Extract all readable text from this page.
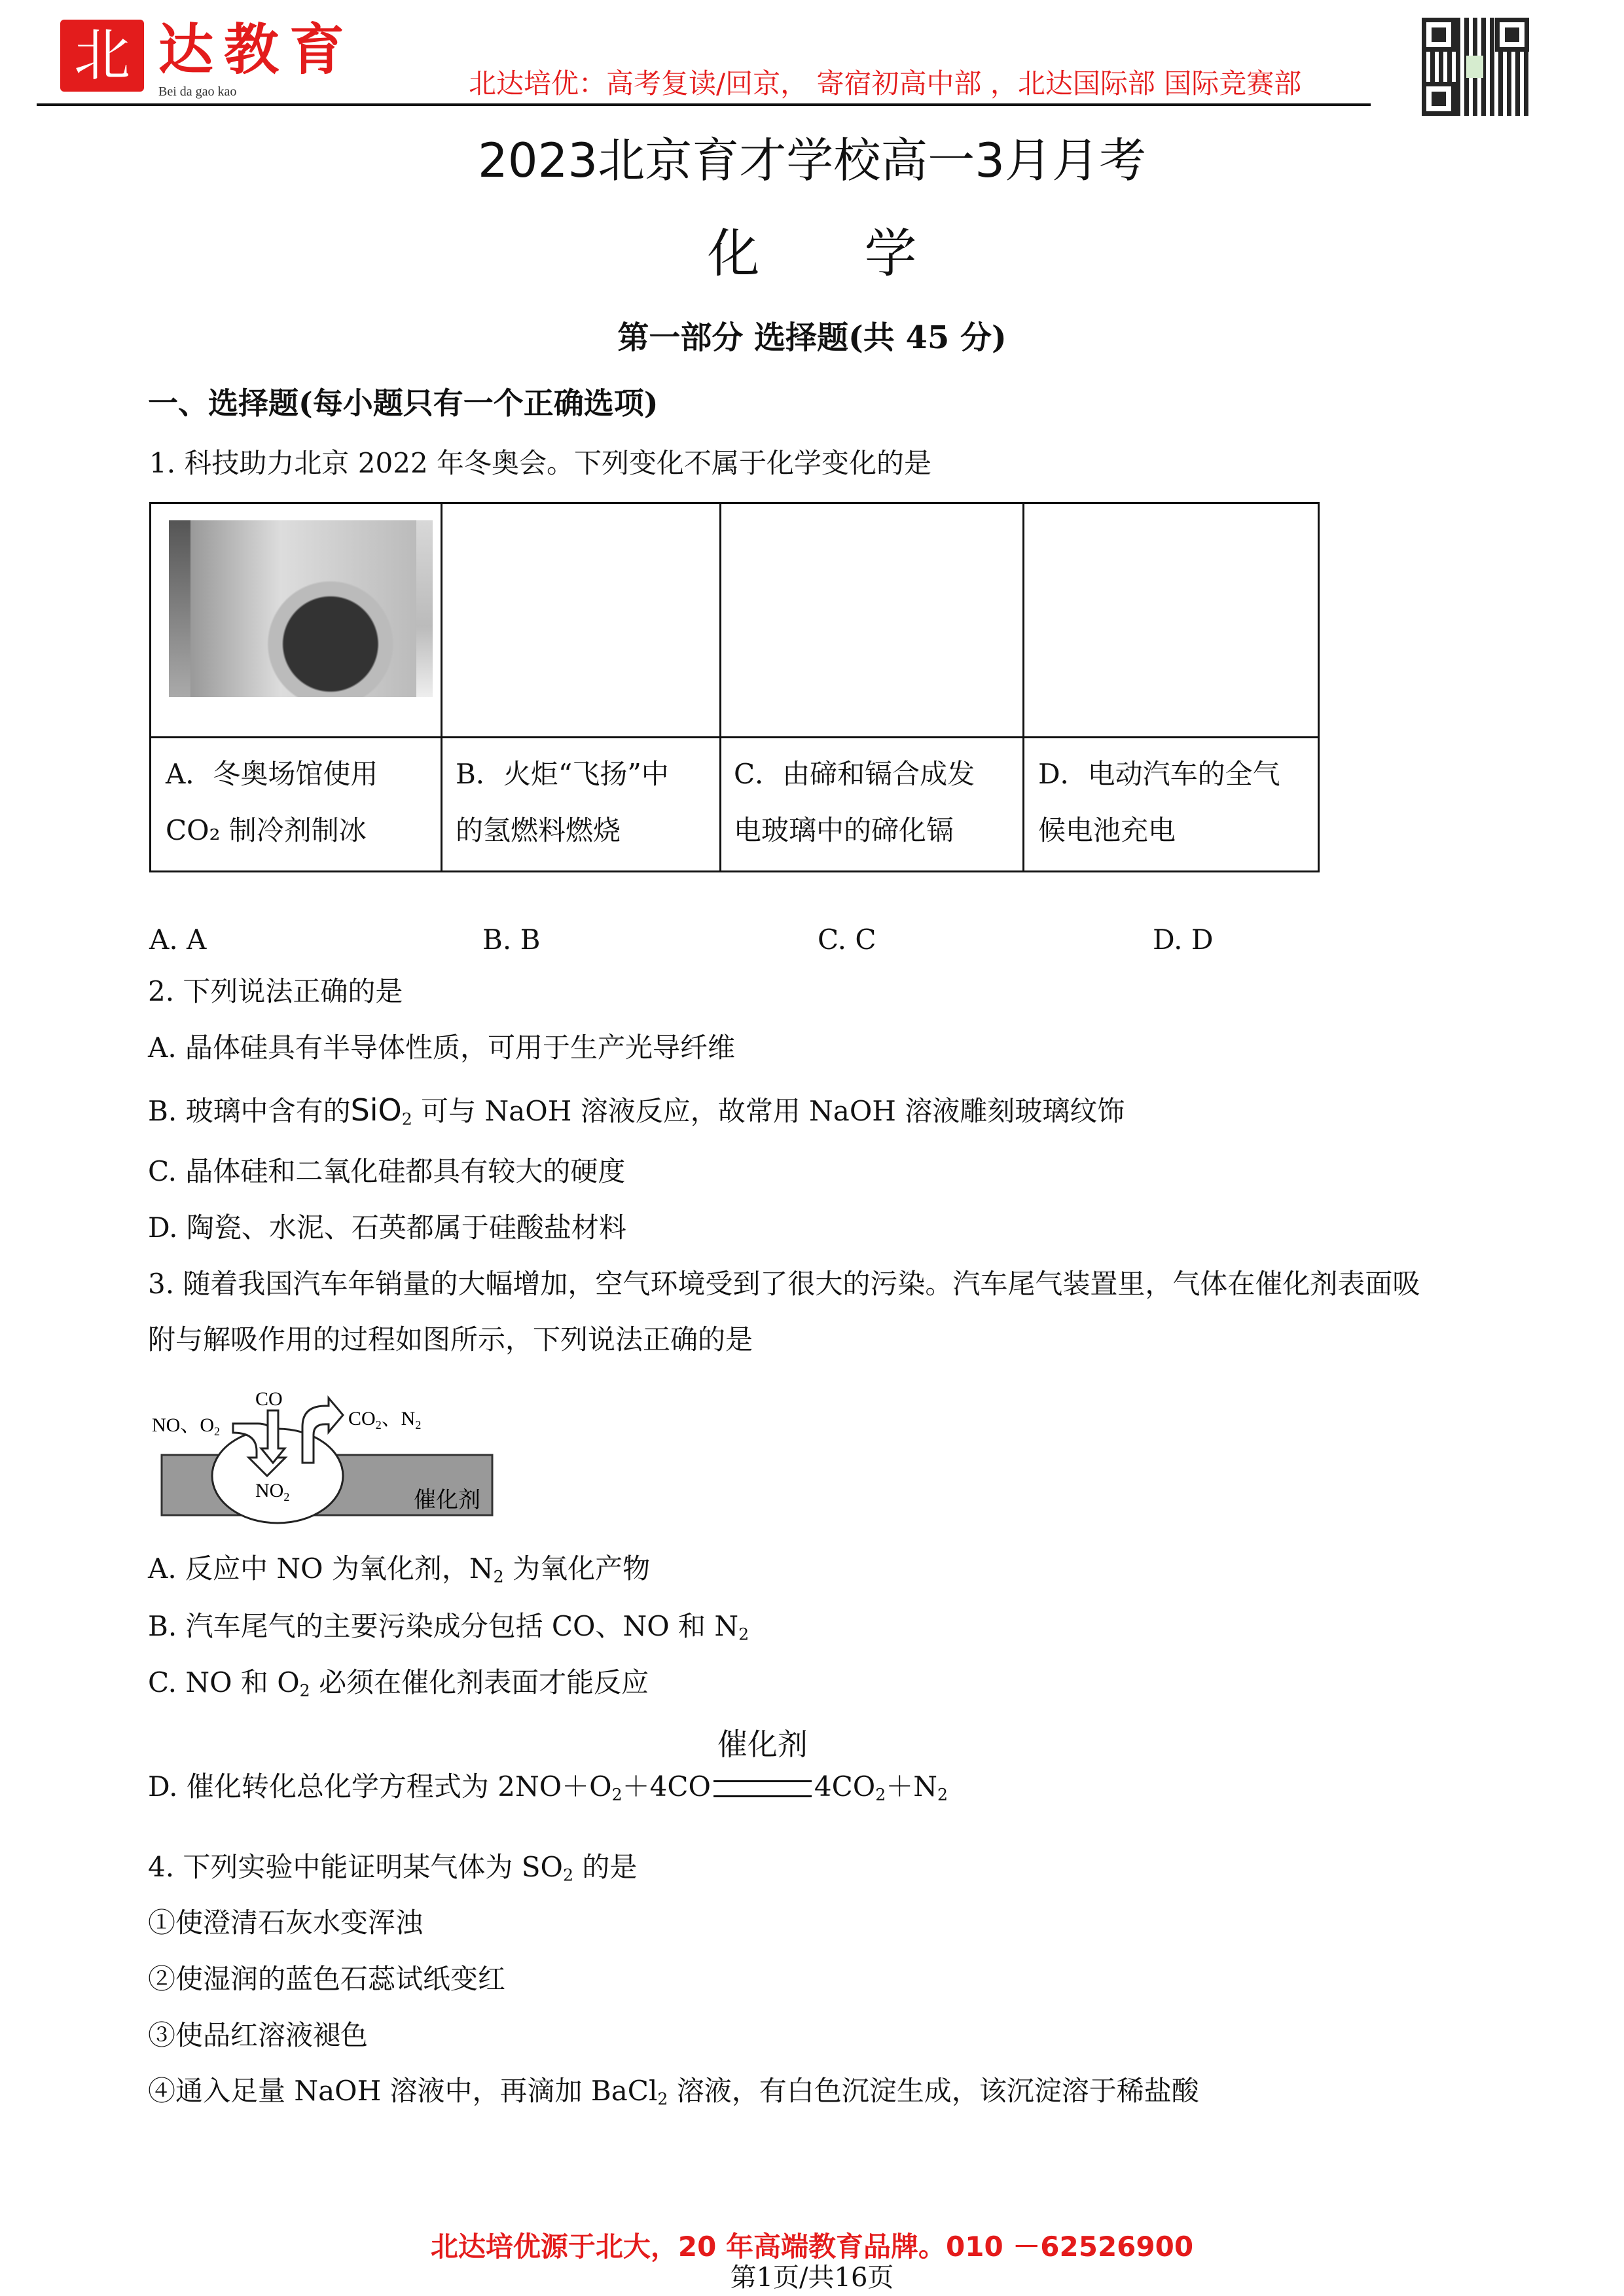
北 达教育
Bei da gao kao	北达培优：高考复读/回京， 寄宿初高中部 ，北达国际部 国际竞赛部
2023北京育才学校高一3月月考
化　　学
第一部分 选择题(共 45 分)
一、选择题(每小题只有一个正确选项)
1. 科技助力北京 2022 年冬奥会。下列变化不属于化学变化的是
A．冬奥场馆使用
CO₂ 制冷剂制冰
B．火炬“飞扬”中
的氢燃料燃烧
C．由碲和镉合成发
电玻璃中的碲化镉
D．电动汽车的全气
候电池充电
A. A	B. B	C. C	D. D
2. 下列说法正确的是
A. 晶体硅具有半导体性质，可用于生产光导纤维
B. 玻璃中含有的SiO$_2$ 可与 NaOH 溶液反应，故常用 NaOH 溶液雕刻玻璃纹饰
C. 晶体硅和二氧化硅都具有较大的硬度
D. 陶瓷、水泥、石英都属于硅酸盐材料
3. 随着我国汽车年销量的大幅增加，空气环境受到了很大的污染。汽车尾气装置里，气体在催化剂表面吸
附与解吸作用的过程如图所示，下列说法正确的是
NO、$O_2$
CO
$CO_2$、$N_2$
$NO_2$	催化剂
A. 反应中 NO 为氧化剂，$N_2$ 为氧化产物
B. 汽车尾气的主要污染成分包括 CO、NO 和 $N_2$
C. NO 和 $O_2$ 必须在催化剂表面才能反应
D. 催化转化总化学方程式为 $2NO+O_2+4CO$
催化剂
$4CO_2+N_2$
4. 下列实验中能证明某气体为 $SO_2$ 的是
①使澄清石灰水变浑浊
②使湿润的蓝色石蕊试纸变红
③使品红溶液褪色
④通入足量 NaOH 溶液中，再滴加 BaCl$_2$ 溶液，有白色沉淀生成，该沉淀溶于稀盐酸
北达培优源于北大，20 年高端教育品牌。010 －62526900
第1页/共16页
